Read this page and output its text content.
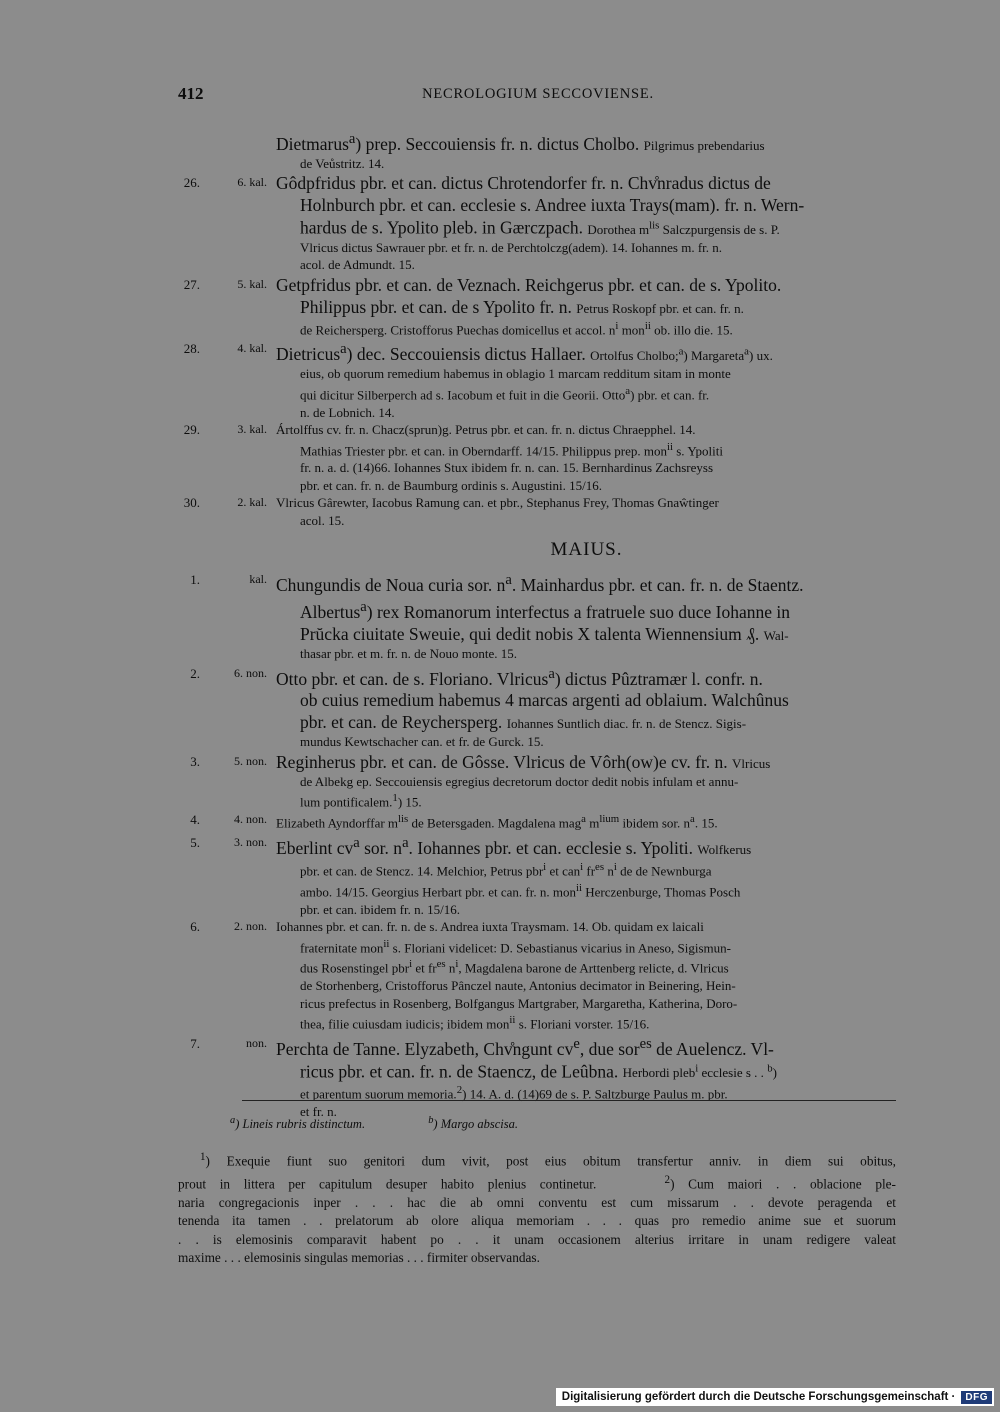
412	NECROLOGIUM SECCOVIENSE.
Dietmarus$^a$) prep. Seccouiensis fr. n. dictus Cholbo. Pilgrimus prebendarius
de Veůstritz. 14.
26.	6. kal. Gôdpfridus pbr. et can. dictus Chrotendorfer fr. n. Chv̊nradus dictus de
Holnburch pbr. et can. ecclesie s. Andree iuxta Trays(mam). fr. n. Wern-
hardus de s. Ypolito pleb. in Gærczpach. Dorothea $m^{lis}$ Salczpurgensis de s. P.
Vlricus dictus Sawrauer pbr. et fr. n. de Perchtolczg(adem). 14. Iohannes m. fr. n.
acol. de Admundt. 15.
27.	5. kal. Getpfridus pbr. et can. de Veznach. Reichgerus pbr. et can. de s. Ypolito.
Philippus pbr. et can. de s Ypolito fr. n. Petrus Roskopf pbr. et can. fr. n.
de Reichersperg. Cristofforus Puechas domicellus et accol. $n^i$ mon$^{ii}$ ob. illo die. 15.
28.	4. kal. Dietricus$^a$) dec. Seccouiensis dictus Hallaer. Ortolfus Cholbo;$^a$) Margareta$^a$) ux.
eius, ob quorum remedium habemus in oblagio 1 marcam redditum sitam in monte
qui dicitur Silberperch ad s. Iacobum et fuit in die Georii. Otto$^a$) pbr. et can. fr.
n. de Lobnich. 14.
29.	3. kal. Ártolffus cv. fr. n. Chacz(sprun)g. Petrus pbr. et can. fr. n. dictus Chraepphel. 14.
Mathias Triester pbr. et can. in Oberndarff. 14/15. Philippus prep. mon$^{ii}$ s. Ypoliti
fr. n. a. d. (14)66. Iohannes Stux ibidem fr. n. can. 15. Bernhardinus Zachsreyss
pbr. et can. fr. n. de Baumburg ordinis s. Augustini. 15/16.
30.	2. kal. Vlricus Gârewter, Iacobus Ramung can. et pbr., Stephanus Frey, Thomas Gnaŵtinger
acol. 15.
MAIUS.
1.	kal. Chungundis de Noua curia sor. $n^a$. Mainhardus pbr. et can. fr. n. de Staentz.
Albertus$^a$) rex Romanorum interfectus a fratruele suo duce Iohanne in
Prŭcka ciuitate Sweuie, qui dedit nobis X talenta Wiennensium ₰. Wal-
thasar pbr. et m. fr. n. de Nouo monte. 15.
2.	6. non. Otto pbr. et can. de s. Floriano. Vlricus$^a$) dictus Pûztramær l. confr. n.
ob cuius remedium habemus 4 marcas argenti ad oblaium. Walchûnus
pbr. et can. de Reychersperg. Iohannes Suntlich diac. fr. n. de Stencz. Sigis-
mundus Kewtschacher can. et fr. de Gurck. 15.
3.	5. non. Reginherus pbr. et can. de Gôsse. Vlricus de Vôrh(ow)e cv. fr. n. Vlricus
de Albekg ep. Seccouiensis egregius decretorum doctor dedit nobis infulam et annu-
lum pontificalem.$^1$) 15.
4.	4. non. Elizabeth Ayndorffar $m^{lis}$ de Betersgaden. Magdalena mag$^a$ $m^{lium}$ ibidem sor. $n^a$. 15.
5.	3. non. Eberlint $cv^a$ sor. $n^a$. Iohannes pbr. et can. ecclesie s. Ypoliti. Wolfkerus
pbr. et can. de Stencz. 14. Melchior, Petrus pbr$^i$ et can$^i$ $fr^{es}$ $n^i$ de de Newnburga
ambo. 14/15. Georgius Herbart pbr. et can. fr. n. mon$^{ii}$ Herczenburge, Thomas Posch
pbr. et can. ibidem fr. n. 15/16.
6.	2. non. Iohannes pbr. et can. fr. n. de s. Andrea iuxta Traysmam. 14. Ob. quidam ex laicali
fraternitate mon$^{ii}$ s. Floriani videlicet: D. Sebastianus vicarius in Aneso, Sigismun-
dus Rosenstingel pbr$^i$ et $fr^{es}$ $n^i$, Magdalena barone de Arttenberg relicte, d. Vlricus
de Storhenberg, Cristofforus Pânczel naute, Antonius decimator in Beinering, Hein-
ricus prefectus in Rosenberg, Bolfgangus Martgraber, Margaretha, Katherina, Doro-
thea, filie cuiusdam iudicis; ibidem mon$^{ii}$ s. Floriani vorster. 15/16.
7.	non. Perchta de Tanne. Elyzabeth, Chv̊ngunt $cv^e$, due sor$^{es}$ de Auelencz. Vl-
ricus pbr. et can. fr. n. de Staencz, de Leûbna. Herbordi pleb$^i$ ecclesie s . . $^b$)
et parentum suorum memoria.$^2$) 14. A. d. (14)69 de s. P. Saltzburge Paulus m. pbr.
et fr. n.
$^a$) Lineis rubris distinctum.	$^b$) Margo abscisa.
$^1$) Exequie fiunt suo genitori dum vivit, post eius obitum transfertur anniv. in diem sui obitus,
prout in littera per capitulum desuper habito plenius continetur.     $^2$) Cum maiori . . oblacione ple-
naria congregacionis inper . . . hac die ab omni conventu est cum missarum . . devote peragenda et
tenenda ita tamen . . prelatorum ab olore aliqua memoriam . . . quas pro remedio anime sue et suorum
. . is elemosinis comparavit habent po . . it unam occasionem alterius irritare in unam redigere valeat
maxime . . . elemosinis singulas memorias . . . firmiter observandas.
Digitalisierung gefördert durch die Deutsche Forschungsgemeinschaft ·	DFG
